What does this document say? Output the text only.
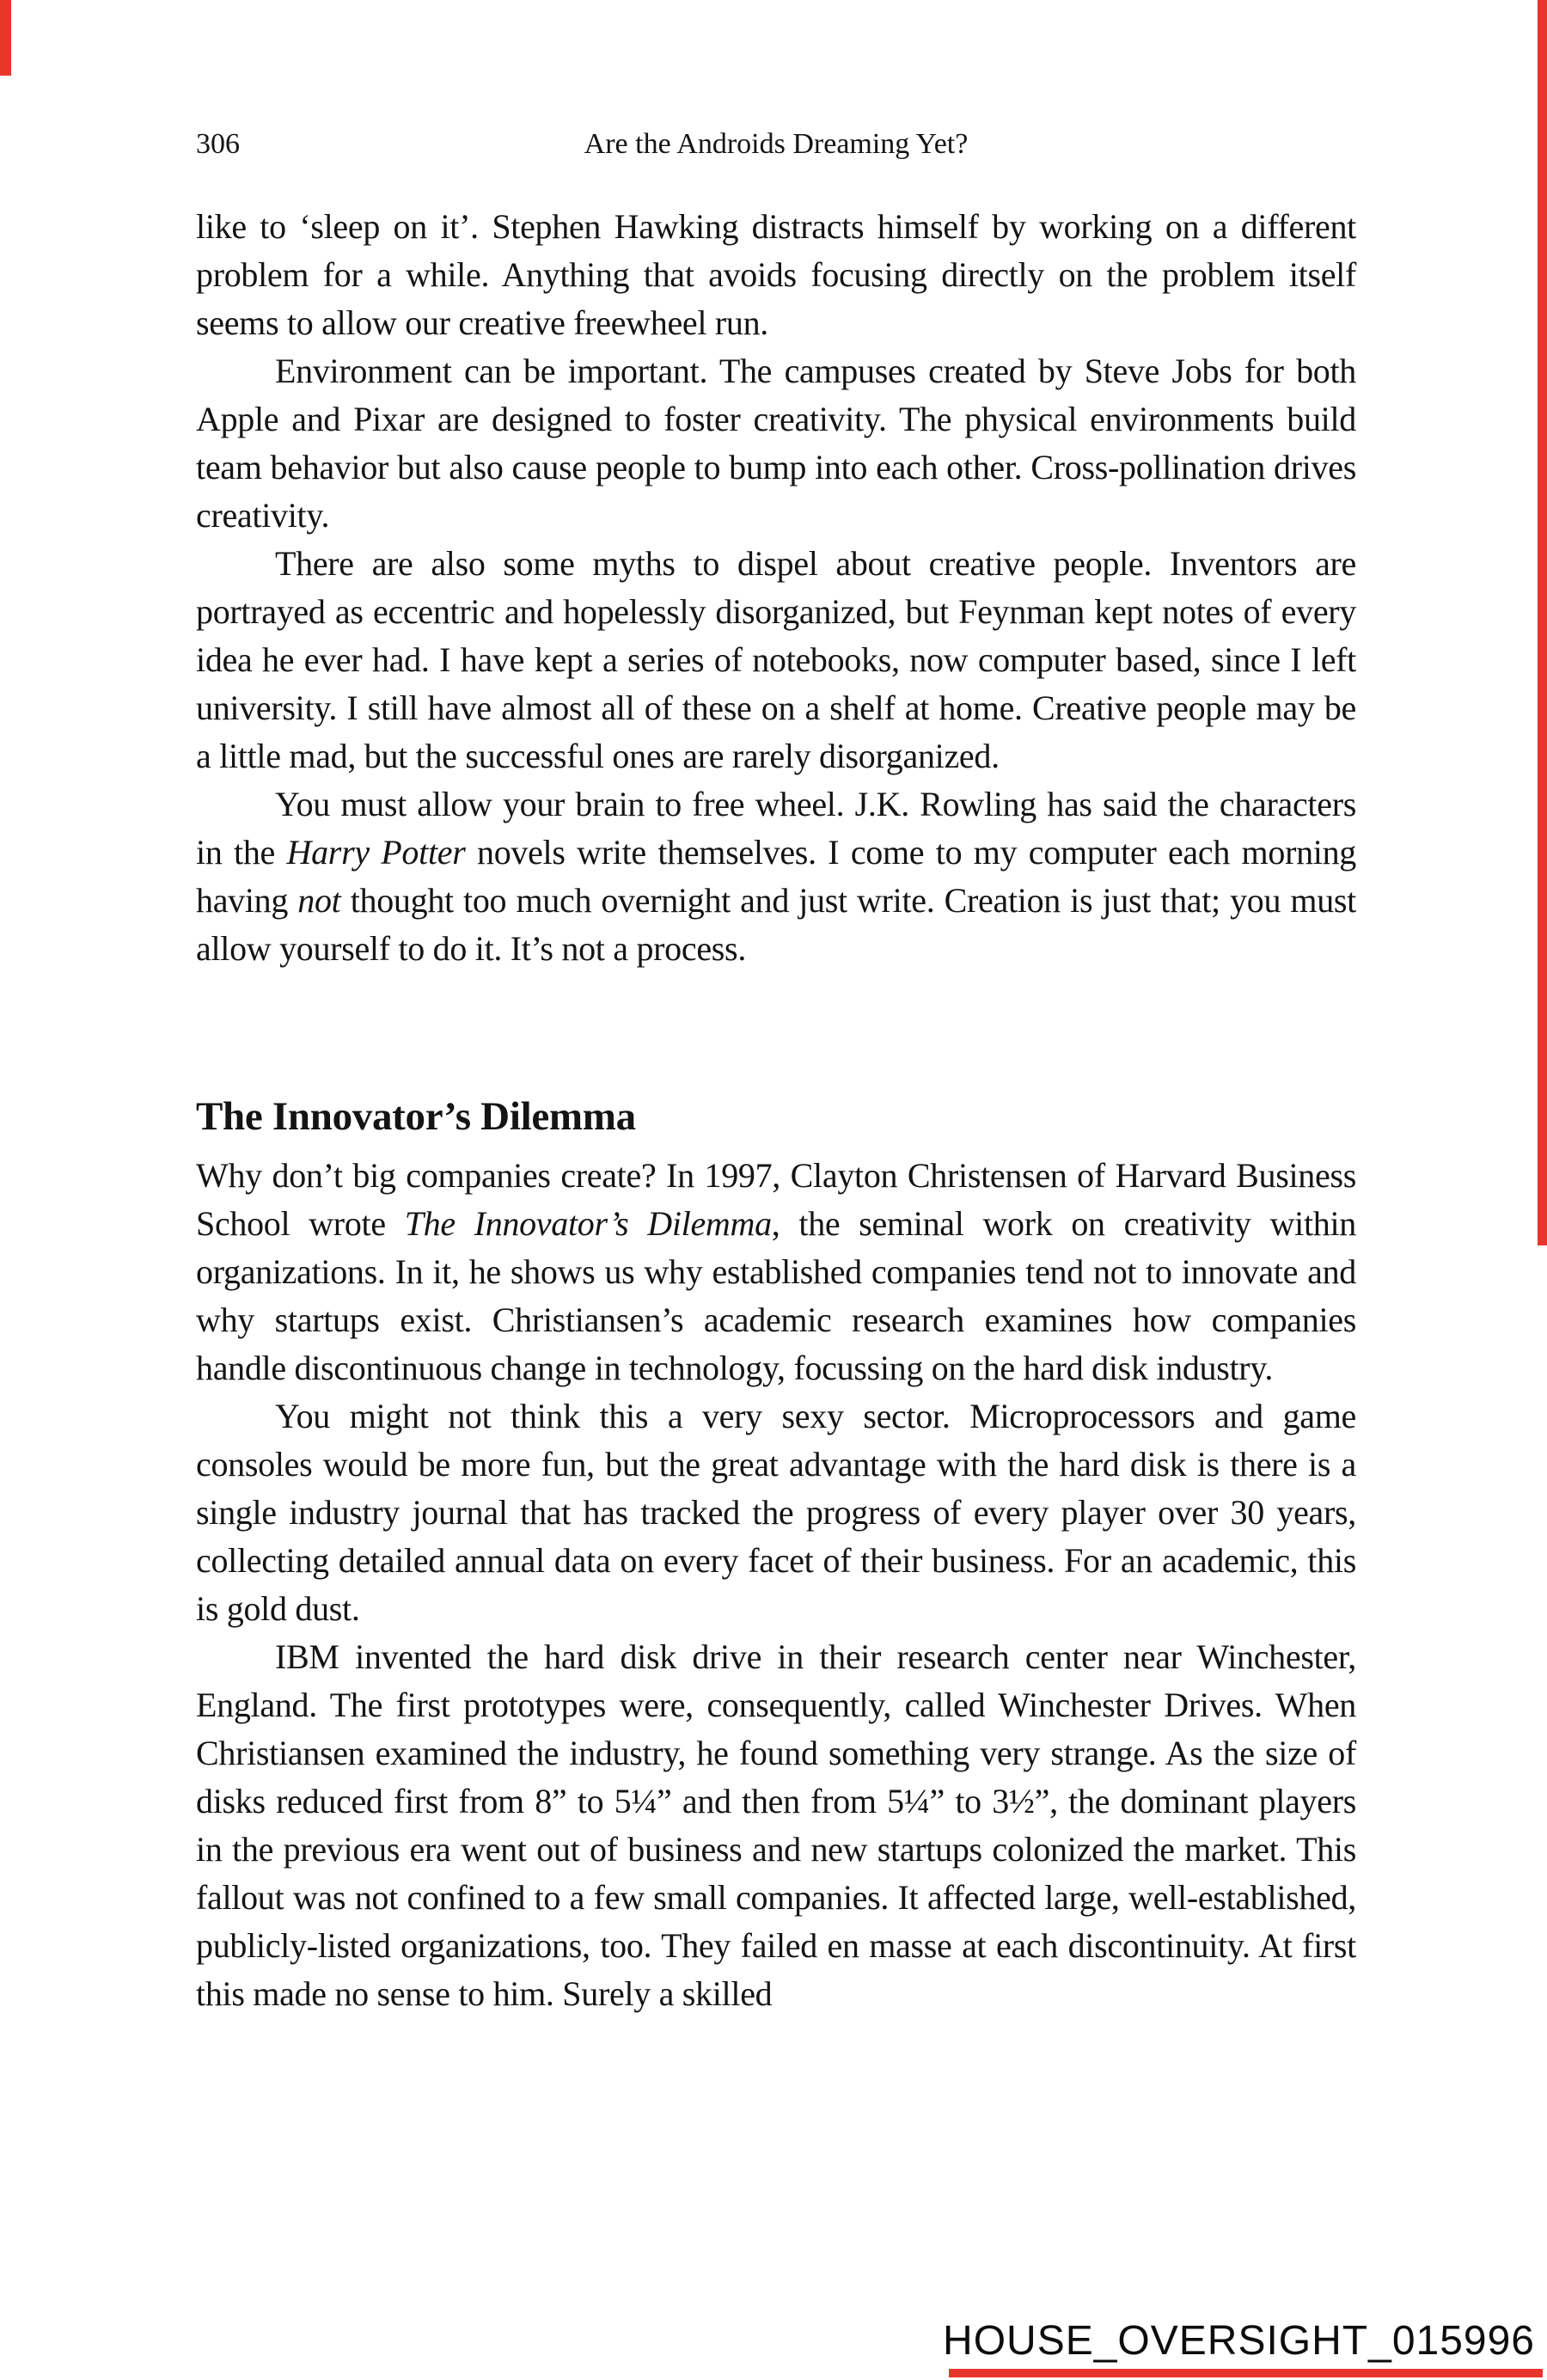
306	Are the Androids Dreaming Yet?

like to ‘sleep on it’. Stephen Hawking distracts himself by working on a different problem for a while. Anything that avoids focusing directly on the problem itself seems to allow our creative freewheel run.

Environment can be important. The campuses created by Steve Jobs for both Apple and Pixar are designed to foster creativity. The physical environments build team behavior but also cause people to bump into each other. Cross-pollination drives creativity.

There are also some myths to dispel about creative people. Inventors are portrayed as eccentric and hopelessly disorganized, but Feynman kept notes of every idea he ever had. I have kept a series of notebooks, now computer based, since I left university. I still have almost all of these on a shelf at home. Creative people may be a little mad, but the successful ones are rarely disorganized.

You must allow your brain to free wheel. J.K. Rowling has said the characters in the Harry Potter novels write themselves. I come to my computer each morning having not thought too much overnight and just write. Creation is just that; you must allow yourself to do it. It’s not a process.

The Innovator’s Dilemma

Why don’t big companies create? In 1997, Clayton Christensen of Harvard Business School wrote The Innovator’s Dilemma, the seminal work on creativity within organizations. In it, he shows us why established companies tend not to innovate and why startups exist. Christiansen’s academic research examines how companies handle discontinuous change in technology, focussing on the hard disk industry.

You might not think this a very sexy sector. Microprocessors and game consoles would be more fun, but the great advantage with the hard disk is there is a single industry journal that has tracked the progress of every player over 30 years, collecting detailed annual data on every facet of their business. For an academic, this is gold dust.

IBM invented the hard disk drive in their research center near Winchester, England. The first prototypes were, consequently, called Winchester Drives. When Christiansen examined the industry, he found something very strange. As the size of disks reduced first from 8” to 5¼” and then from 5¼” to 3½”, the dominant players in the previous era went out of business and new startups colonized the market. This fallout was not confined to a few small companies. It affected large, well-established, publicly-listed organizations, too. They failed en masse at each discontinuity. At first this made no sense to him. Surely a skilled

HOUSE_OVERSIGHT_015996
